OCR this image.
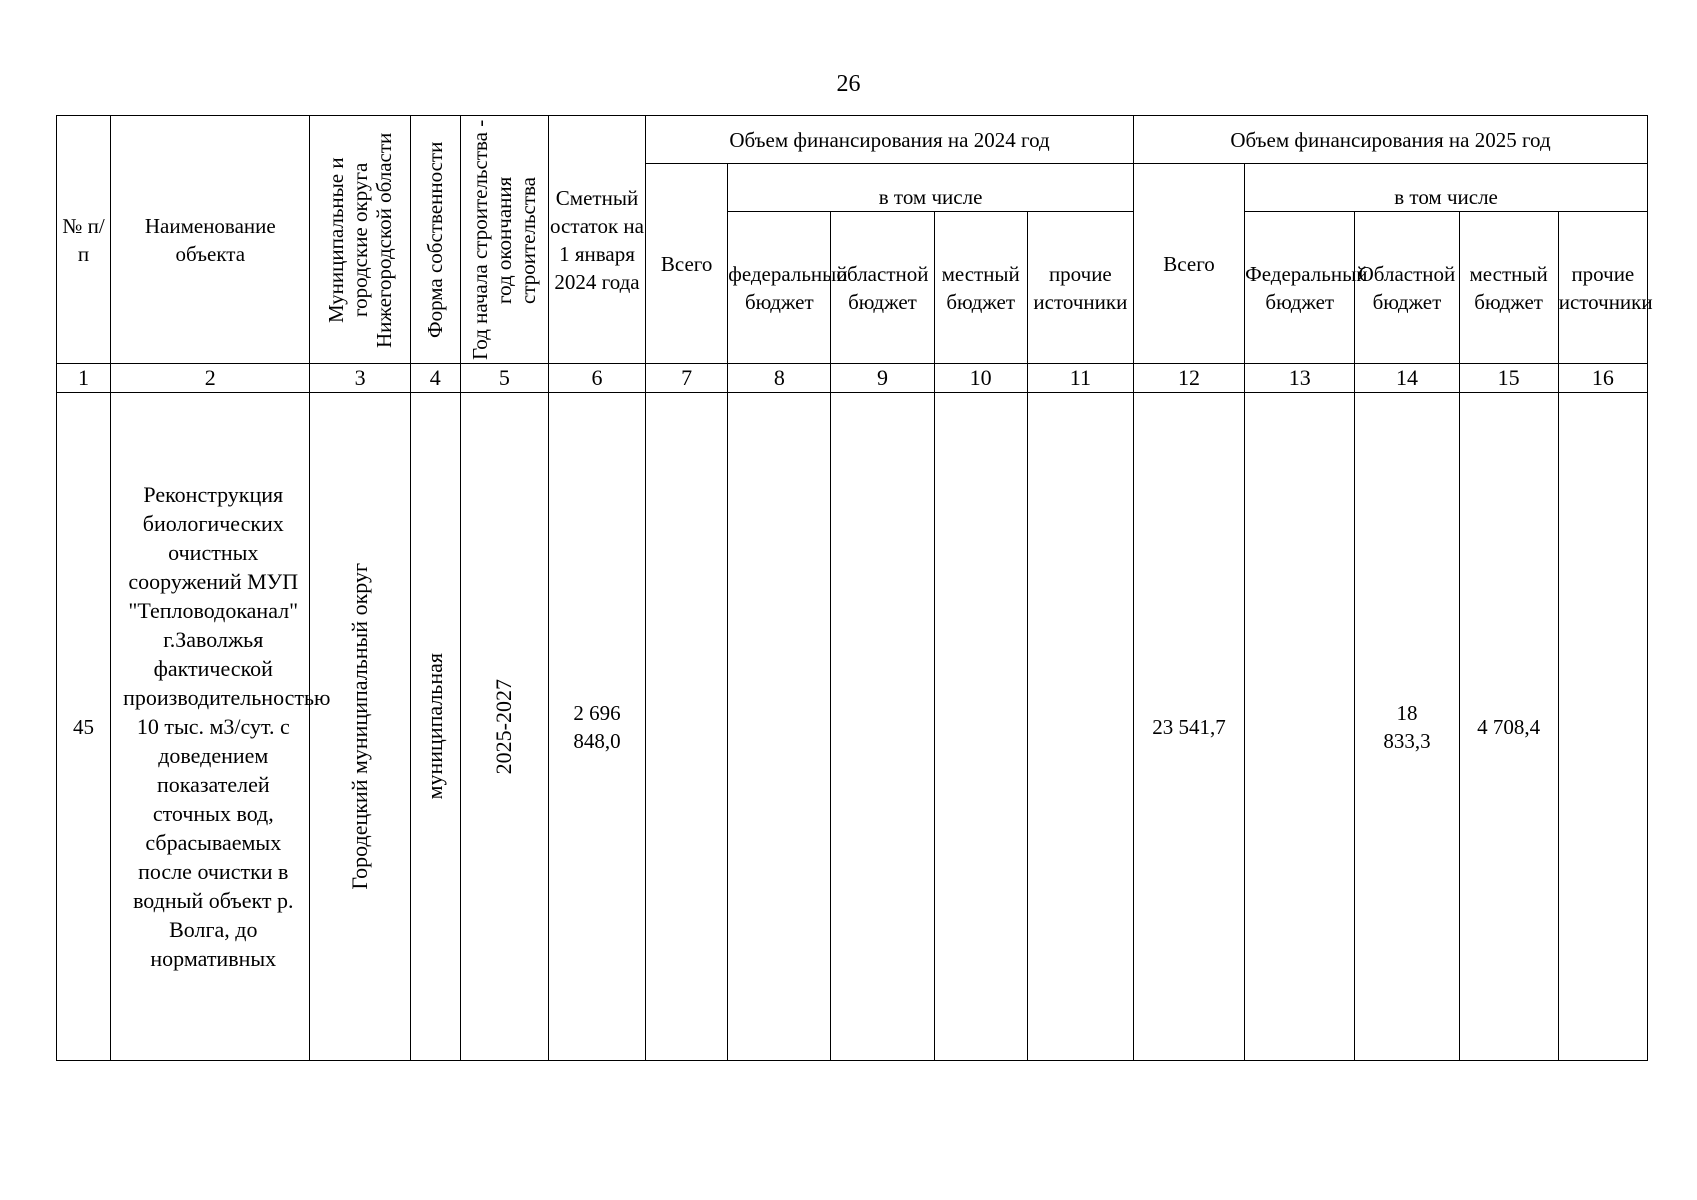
26
№ п/п	Наименование объекта	Муниципальные и городские округа Нижегородской области	Форма собственности	Год начала строительства - год окончания строительства	Сметный остаток на 1 января 2024 года	Объем финансирования на 2024 год					Объем финансирования на 2025 год				
						Всего	в том числе				Всего	в том числе			
							федеральный бюджет	областной бюджет	местный бюджет	прочие источники		Федеральный бюджет	Областной бюджет	местный бюджет	прочие источники
1	2	3	4	5	6	7	8	9	10	11	12	13	14	15	16
45	Реконструкция биологических очистных сооружений МУП "Тепловодоканал" г.Заволжья фактической производительностью 10 тыс. м3/сут. с доведением показателей сточных вод, сбрасываемых после очистки в водный объект р. Волга, до нормативных	Городецкий муниципальный округ	муниципальная	2025-2027	2 696 848,0						23 541,7		18 833,3	4 708,4	
